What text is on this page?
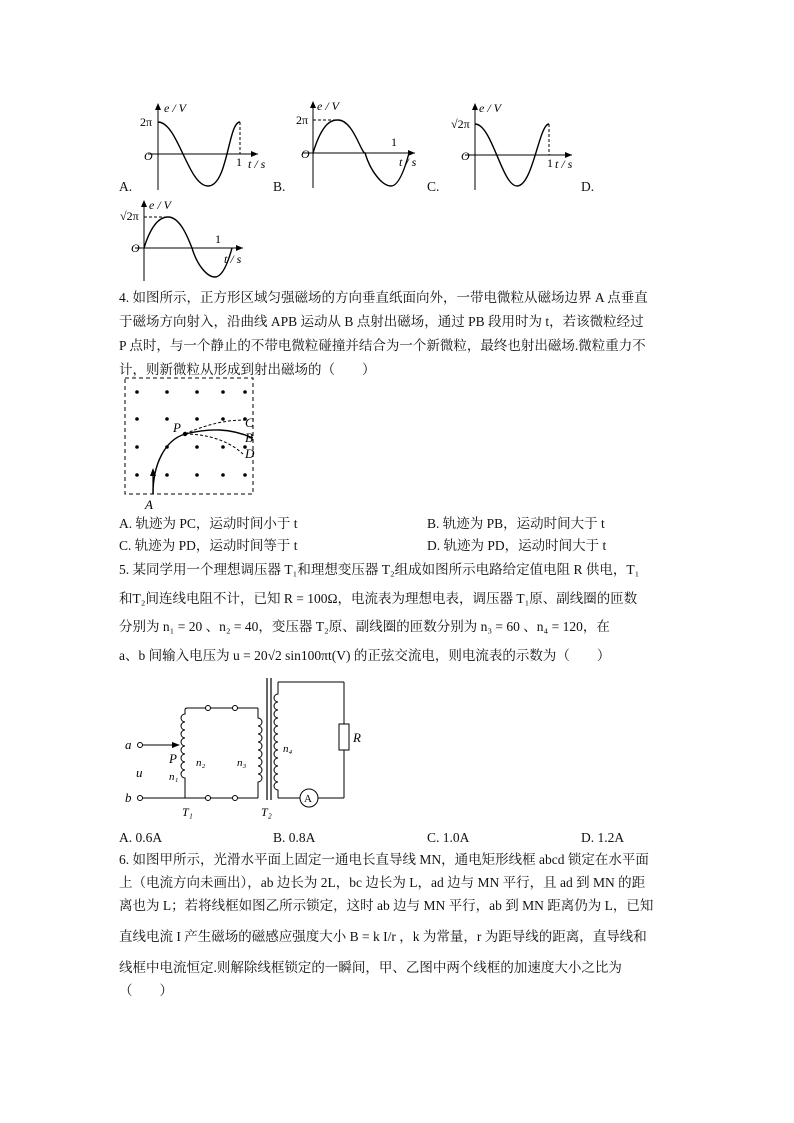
e / V
2π
O	1 t / s
A.
e / V
2π
O
1
t / s
B.
e / V
√2π
O	1 t / s
C.	D.
e / V
√2π
O
1
t / s
4. 如图所示，正方形区域匀强磁场的方向垂直纸面向外，一带电微粒从磁场边界 A 点垂直
于磁场方向射入，沿曲线 APB 运动从 B 点射出磁场，通过 PB 段用时为 t，若该微粒经过
P 点时，与一个静止的不带电微粒碰撞并结合为一个新微粒，最终也射出磁场.微粒重力不
计，则新微粒从形成到射出磁场的（　　）
A
P	C
B
D
A. 轨迹为 PC，运动时间小于 t	B. 轨迹为 PB，运动时间大于 t
C. 轨迹为 PD，运动时间等于 t	D. 轨迹为 PD，运动时间大于 t
5. 某同学用一个理想调压器 T₁和理想变压器 T₂组成如图所示电路给定值电阻 R 供电，T₁
和T₂间连线电阻不计，已知 R = 100Ω，电流表为理想电表，调压器 T₁原、副线圈的匝数
分别为 n₁ = 20 、n₂ = 40，变压器 T₂原、副线圈的匝数分别为 n₃ = 60 、n₄ = 120，在
a、b 间输入电压为 u = 20√2 sin100πt(V) 的正弦交流电，则电流表的示数为（　　）
a
b
u
P
n₁
n₂	n₃
n₄
R
A
T₁	T₂
A. 0.6A	B. 0.8A	C. 1.0A	D. 1.2A
6. 如图甲所示，光滑水平面上固定一通电长直导线 MN，通电矩形线框 abcd 锁定在水平面
上（电流方向未画出），ab 边长为 2L，bc 边长为 L，ad 边与 MN 平行，且 ad 到 MN 的距
离也为 L；若将线框如图乙所示锁定，这时 ab 边与 MN 平行，ab 到 MN 距离仍为 L，已知
直线电流 I 产生磁场的磁感应强度大小 B = k I/r ，k 为常量，r 为距导线的距离，直导线和
线框中电流恒定.则解除线框锁定的一瞬间，甲、乙图中两个线框的加速度大小之比为
（　　）
